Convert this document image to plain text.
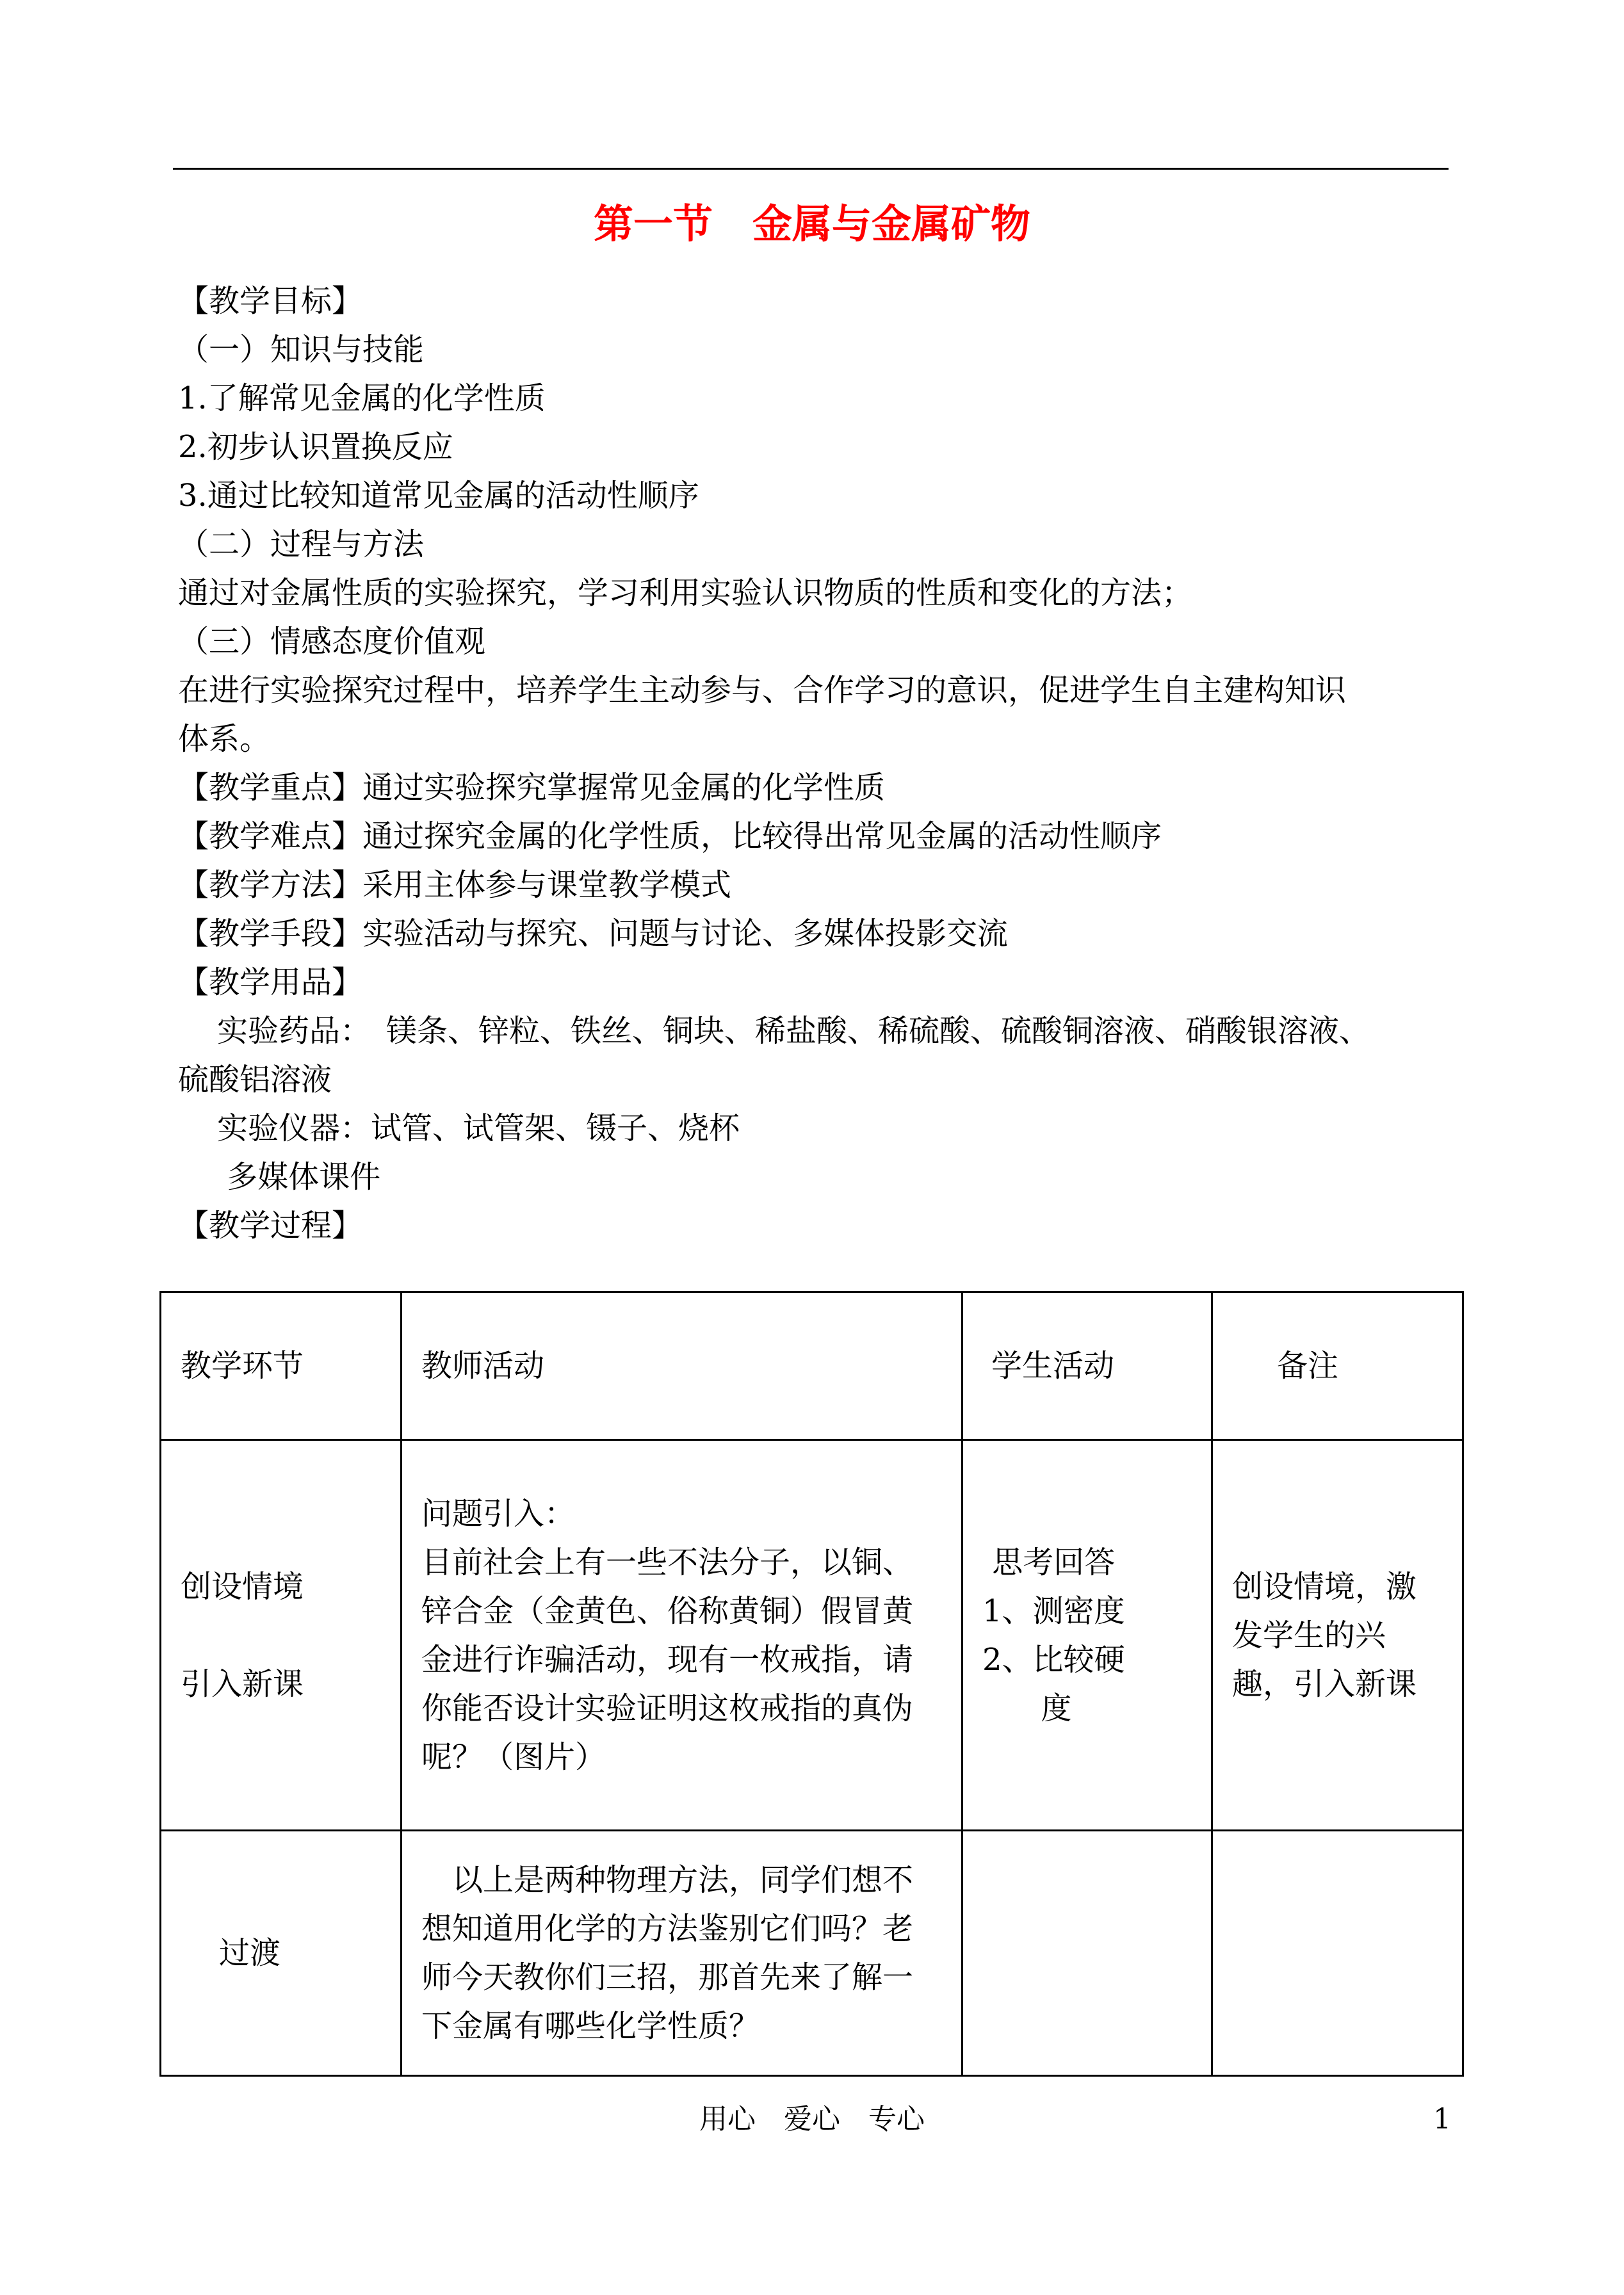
第一节　金属与金属矿物
【教学目标】
（一）知识与技能
1.了解常见金属的化学性质
2.初步认识置换反应
3.通过比较知道常见金属的活动性顺序
（二）过程与方法
通过对金属性质的实验探究，学习利用实验认识物质的性质和变化的方法；
（三）情感态度价值观
在进行实验探究过程中，培养学生主动参与、合作学习的意识，促进学生自主建构知识
体系。
【教学重点】通过实验探究掌握常见金属的化学性质
【教学难点】通过探究金属的化学性质，比较得出常见金属的活动性顺序
【教学方法】采用主体参与课堂教学模式
【教学手段】实验活动与探究、问题与讨论、多媒体投影交流
【教学用品】
实验药品：　镁条、锌粒、铁丝、铜块、稀盐酸、稀硫酸、硫酸铜溶液、硝酸银溶液、
硫酸铝溶液
实验仪器：试管、试管架、镊子、烧杯
多媒体课件
【教学过程】
教学环节	教师活动	学生活动	备注
创设情境

引入新课	问题引入：
目前社会上有一些不法分子，以铜、锌合金（金黄色、俗称黄铜）假冒黄金进行诈骗活动，现有一枚戒指，请你能否设计实验证明这枚戒指的真伪呢？（图片）	思考回答
1、测密度
2、比较硬
度	创设情境，激发学生的兴趣，引入新课
过渡	　以上是两种物理方法，同学们想不想知道用化学的方法鉴别它们吗？老师今天教你们三招，那首先来了解一下金属有哪些化学性质？		
用心　爱心　专心	1
